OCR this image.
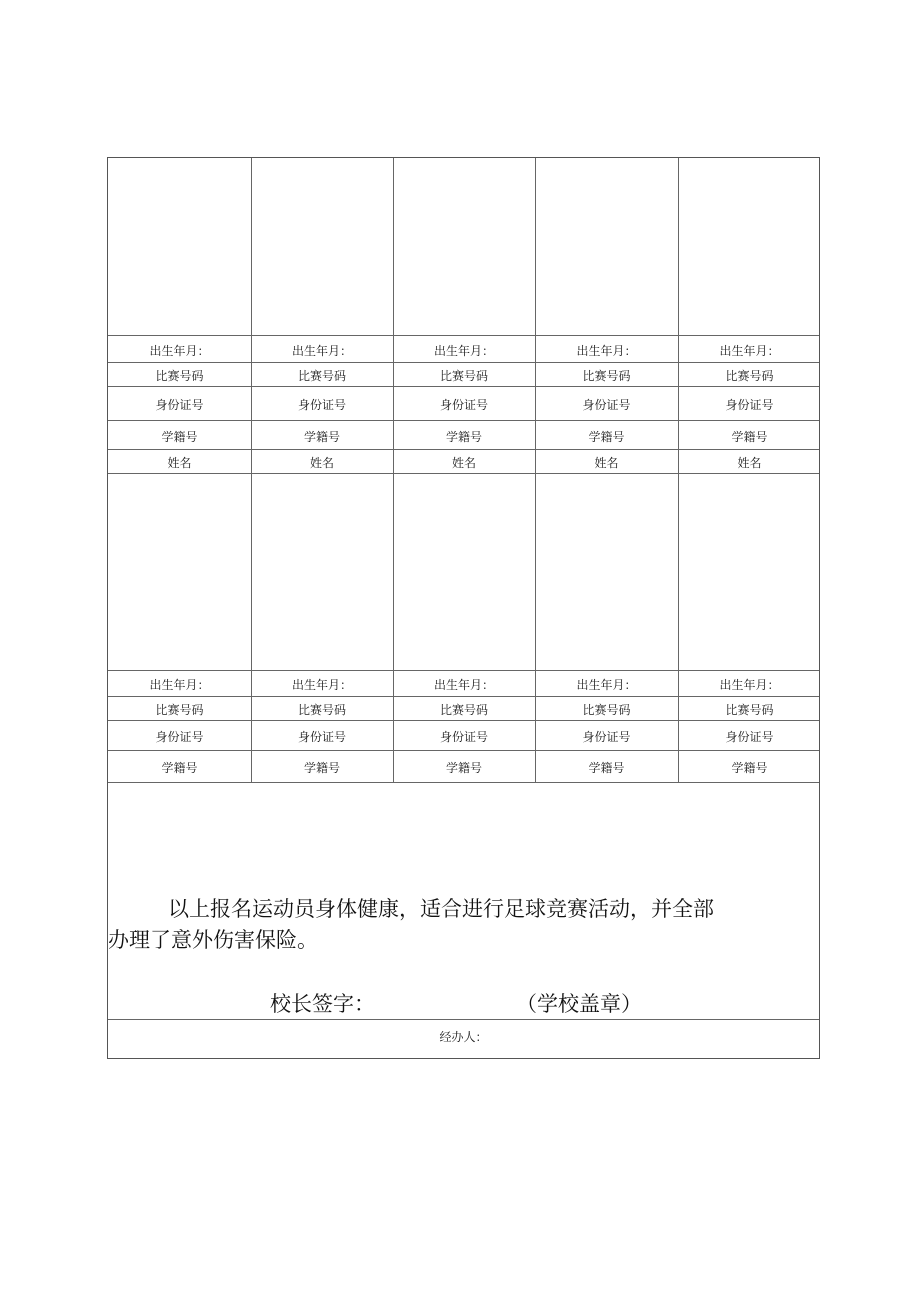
以上报名运动员身体健康，适合进行足球竞赛活动，并全部
办理了意外伤害保险。
校长签字：	（学校盖章）
经办人：
出生年月：	出生年月：	出生年月：	出生年月：	出生年月：
比赛号码	比赛号码	比赛号码	比赛号码	比赛号码
身份证号	身份证号	身份证号	身份证号	身份证号
学籍号	学籍号	学籍号	学籍号	学籍号
姓名	姓名	姓名	姓名	姓名
出生年月：	出生年月：	出生年月：	出生年月：	出生年月：
比赛号码	比赛号码	比赛号码	比赛号码	比赛号码
身份证号	身份证号	身份证号	身份证号	身份证号
学籍号	学籍号	学籍号	学籍号	学籍号
